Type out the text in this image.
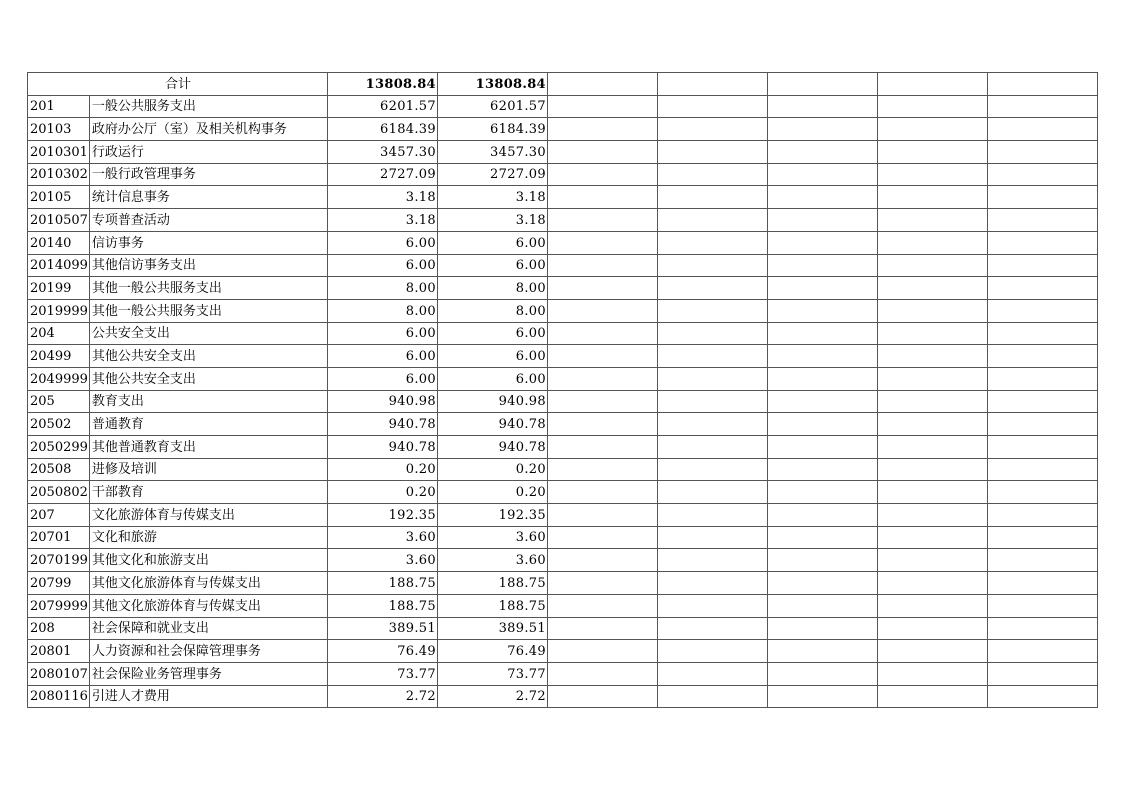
合计		13808.84	13808.84					
201	一般公共服务支出	6201.57	6201.57					
20103	政府办公厅（室）及相关机构事务	6184.39	6184.39					
2010301	行政运行	3457.30	3457.30					
2010302	一般行政管理事务	2727.09	2727.09					
20105	统计信息事务	3.18	3.18					
2010507	专项普查活动	3.18	3.18					
20140	信访事务	6.00	6.00					
2014099	其他信访事务支出	6.00	6.00					
20199	其他一般公共服务支出	8.00	8.00					
2019999	其他一般公共服务支出	8.00	8.00					
204	公共安全支出	6.00	6.00					
20499	其他公共安全支出	6.00	6.00					
2049999	其他公共安全支出	6.00	6.00					
205	教育支出	940.98	940.98					
20502	普通教育	940.78	940.78					
2050299	其他普通教育支出	940.78	940.78					
20508	进修及培训	0.20	0.20					
2050802	干部教育	0.20	0.20					
207	文化旅游体育与传媒支出	192.35	192.35					
20701	文化和旅游	3.60	3.60					
2070199	其他文化和旅游支出	3.60	3.60					
20799	其他文化旅游体育与传媒支出	188.75	188.75					
2079999	其他文化旅游体育与传媒支出	188.75	188.75					
208	社会保障和就业支出	389.51	389.51					
20801	人力资源和社会保障管理事务	76.49	76.49					
2080107	社会保险业务管理事务	73.77	73.77					
2080116	引进人才费用	2.72	2.72					
